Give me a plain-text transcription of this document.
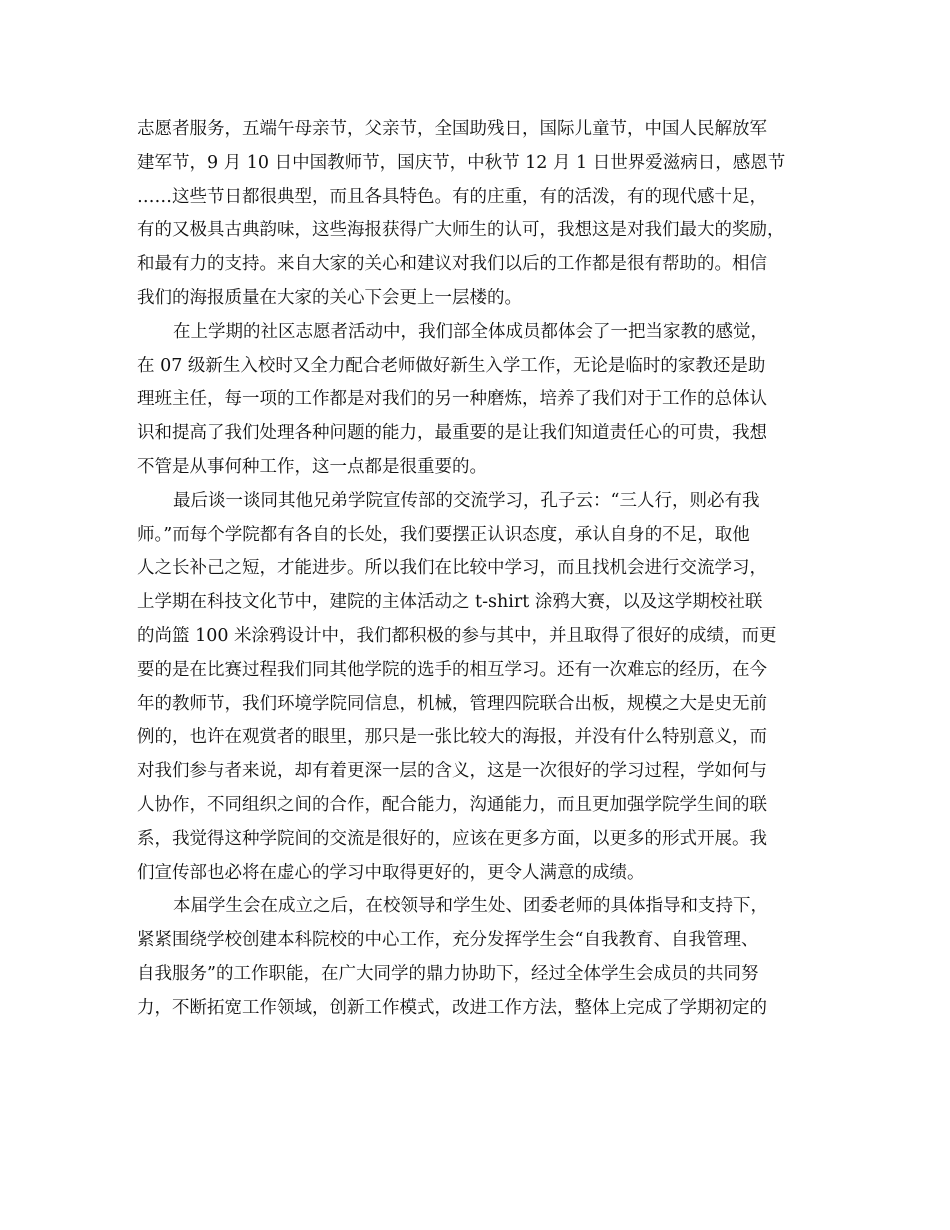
志愿者服务，五端午母亲节，父亲节，全国助残日，国际儿童节，中国人民解放军
建军节，9 月 10 日中国教师节，国庆节，中秋节 12 月 1 日世界爱滋病日，感恩节
……这些节日都很典型，而且各具特色。有的庄重，有的活泼，有的现代感十足，
有的又极具古典韵味，这些海报获得广大师生的认可，我想这是对我们最大的奖励，
和最有力的支持。来自大家的关心和建议对我们以后的工作都是很有帮助的。相信
我们的海报质量在大家的关心下会更上一层楼的。
在上学期的社区志愿者活动中，我们部全体成员都体会了一把当家教的感觉，
在 07 级新生入校时又全力配合老师做好新生入学工作，无论是临时的家教还是助
理班主任，每一项的工作都是对我们的另一种磨炼，培养了我们对于工作的总体认
识和提高了我们处理各种问题的能力，最重要的是让我们知道责任心的可贵，我想
不管是从事何种工作，这一点都是很重要的。
最后谈一谈同其他兄弟学院宣传部的交流学习，孔子云：“三人行，则必有我
师。”而每个学院都有各自的长处，我们要摆正认识态度，承认自身的不足，取他
人之长补己之短，才能进步。所以我们在比较中学习，而且找机会进行交流学习，
上学期在科技文化节中，建院的主体活动之 t-shirt 涂鸦大赛，以及这学期校社联
的尚篮 100 米涂鸦设计中，我们都积极的参与其中，并且取得了很好的成绩，而更
要的是在比赛过程我们同其他学院的选手的相互学习。还有一次难忘的经历，在今
年的教师节，我们环境学院同信息，机械，管理四院联合出板，规模之大是史无前
例的，也许在观赏者的眼里，那只是一张比较大的海报，并没有什么特别意义，而
对我们参与者来说，却有着更深一层的含义，这是一次很好的学习过程，学如何与
人协作，不同组织之间的合作，配合能力，沟通能力，而且更加强学院学生间的联
系，我觉得这种学院间的交流是很好的，应该在更多方面，以更多的形式开展。我
们宣传部也必将在虚心的学习中取得更好的，更令人满意的成绩。
本届学生会在成立之后，在校领导和学生处、团委老师的具体指导和支持下，
紧紧围绕学校创建本科院校的中心工作，充分发挥学生会“自我教育、自我管理、
自我服务”的工作职能，在广大同学的鼎力协助下，经过全体学生会成员的共同努
力，不断拓宽工作领域，创新工作模式，改进工作方法，整体上完成了学期初定的
